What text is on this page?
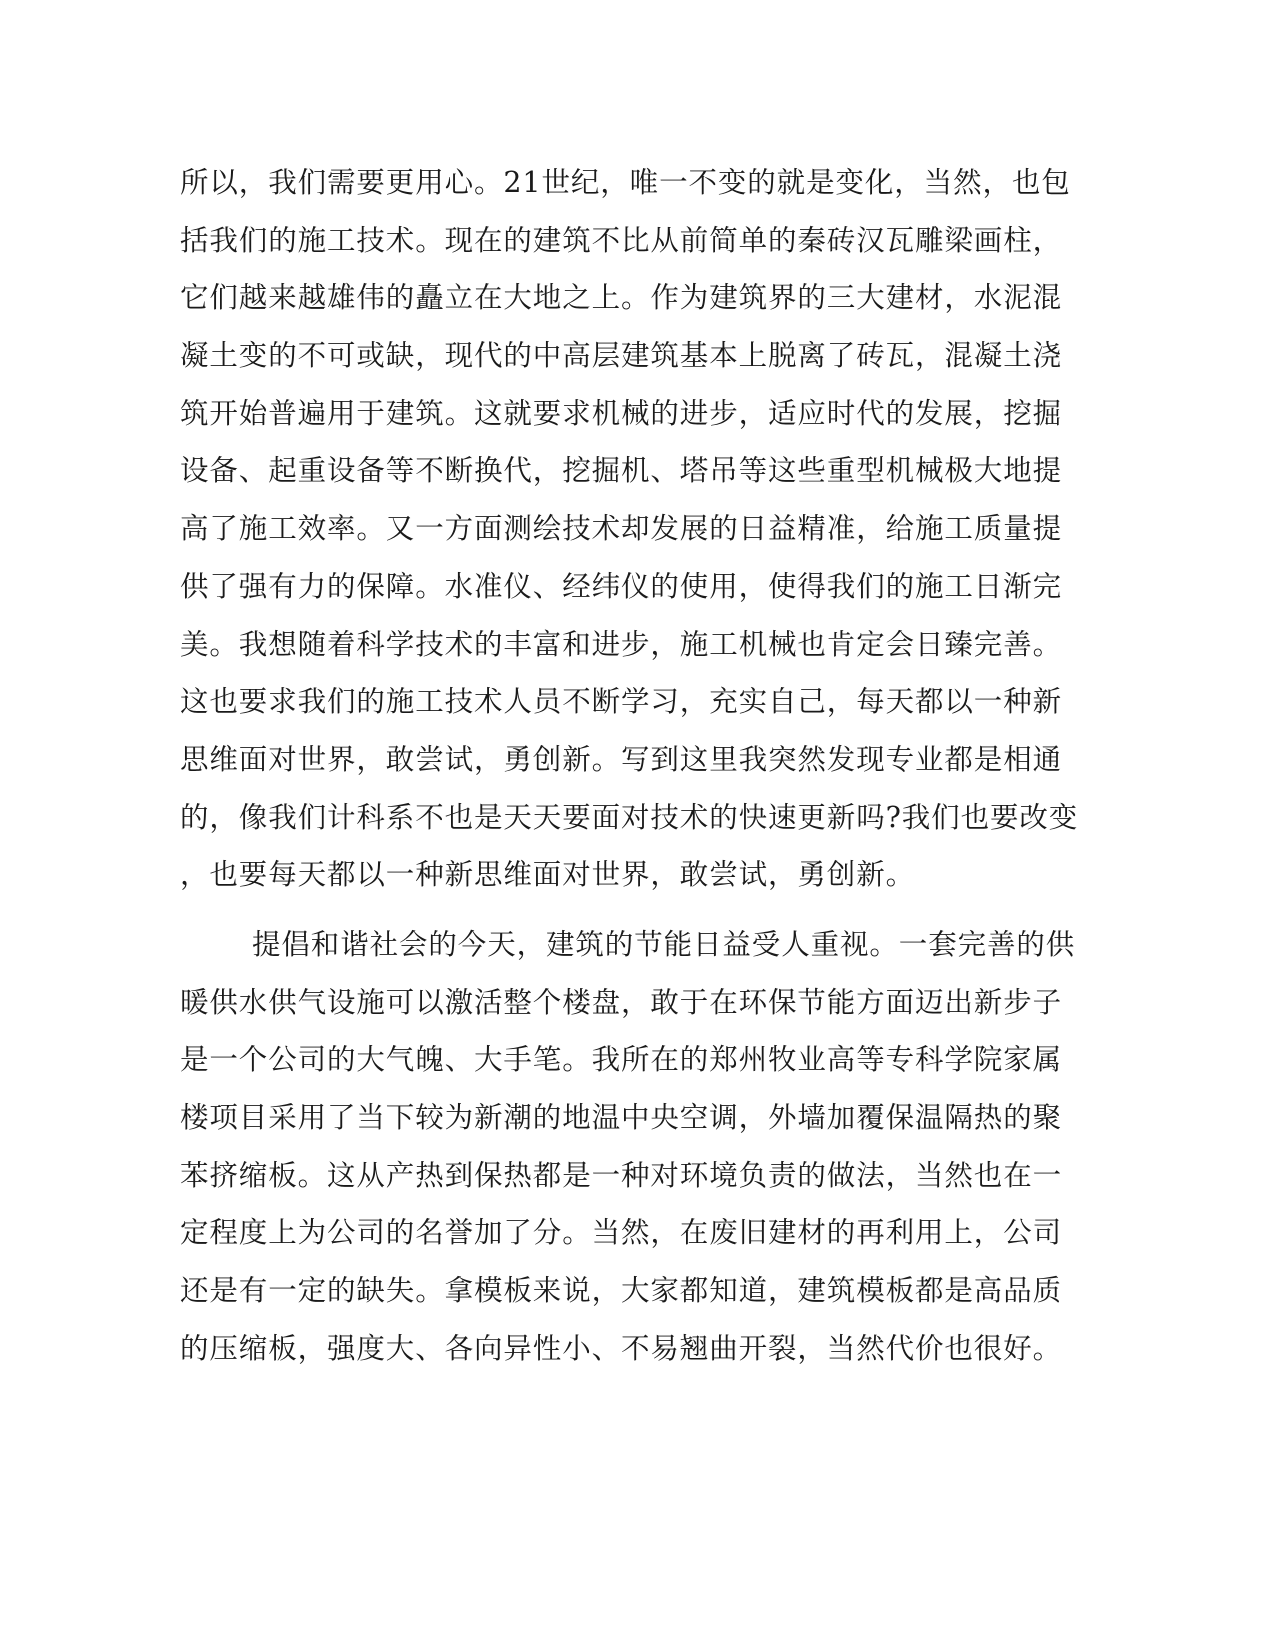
所以，我们需要更用心。21世纪，唯一不变的就是变化，当然，也包
括我们的施工技术。现在的建筑不比从前简单的秦砖汉瓦雕梁画柱，
它们越来越雄伟的矗立在大地之上。作为建筑界的三大建材，水泥混
凝土变的不可或缺，现代的中高层建筑基本上脱离了砖瓦，混凝土浇
筑开始普遍用于建筑。这就要求机械的进步，适应时代的发展，挖掘
设备、起重设备等不断换代，挖掘机、塔吊等这些重型机械极大地提
高了施工效率。又一方面测绘技术却发展的日益精准，给施工质量提
供了强有力的保障。水准仪、经纬仪的使用，使得我们的施工日渐完
美。我想随着科学技术的丰富和进步，施工机械也肯定会日臻完善。
这也要求我们的施工技术人员不断学习，充实自己，每天都以一种新
思维面对世界，敢尝试，勇创新。写到这里我突然发现专业都是相通
的，像我们计科系不也是天天要面对技术的快速更新吗?我们也要改变
，也要每天都以一种新思维面对世界，敢尝试，勇创新。
提倡和谐社会的今天，建筑的节能日益受人重视。一套完善的供
暖供水供气设施可以激活整个楼盘，敢于在环保节能方面迈出新步子
是一个公司的大气魄、大手笔。我所在的郑州牧业高等专科学院家属
楼项目采用了当下较为新潮的地温中央空调，外墙加覆保温隔热的聚
苯挤缩板。这从产热到保热都是一种对环境负责的做法，当然也在一
定程度上为公司的名誉加了分。当然，在废旧建材的再利用上，公司
还是有一定的缺失。拿模板来说，大家都知道，建筑模板都是高品质
的压缩板，强度大、各向异性小、不易翘曲开裂，当然代价也很好。
